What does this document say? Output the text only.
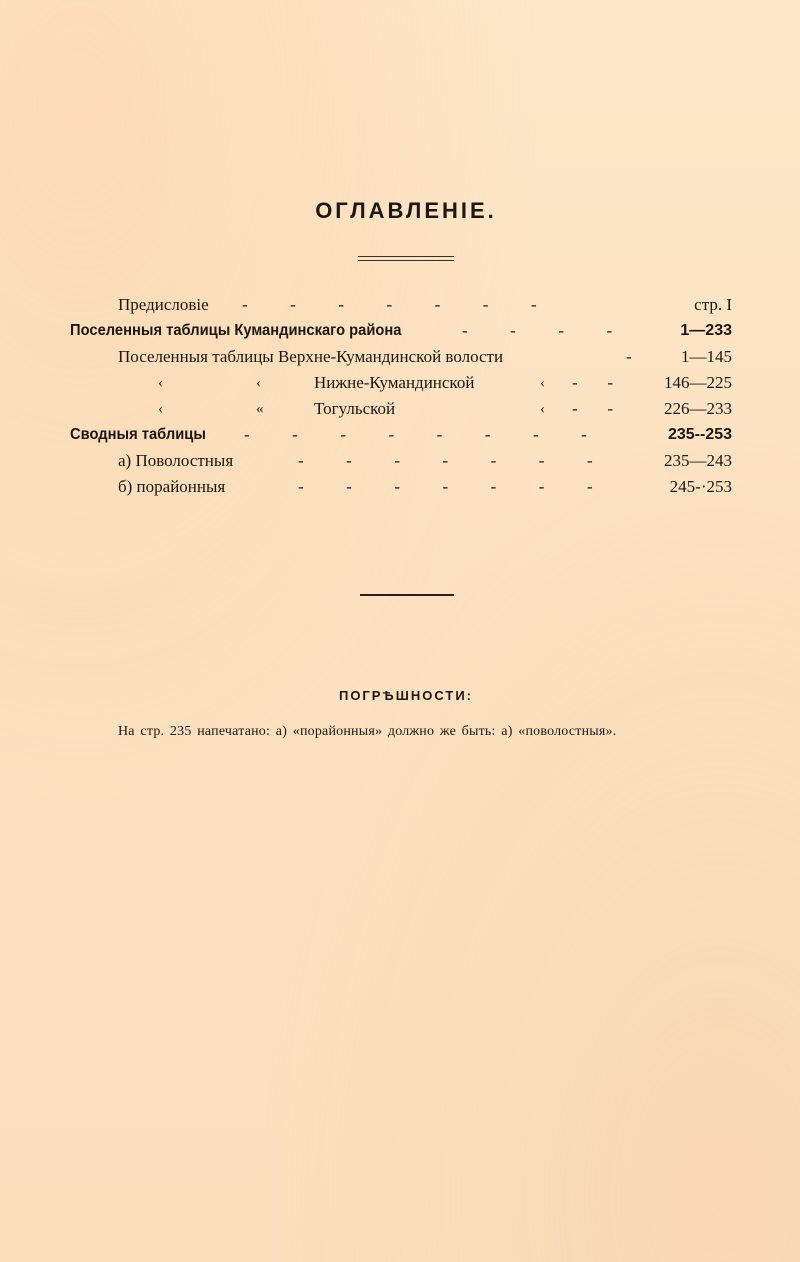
ОГЛАВЛЕНІЕ.
Предисловіе -          -          -          -          -          -          -	стр. I
Поселенныя таблицы Кумандинскаго района	-          -          -          -	1—233
Поселенныя таблицы Верхне-Кумандинской волости	-	1—145
‹	‹	Нижне-Кумандинской	‹ -       -	146—225
‹	«	Тогульской	‹ -       -	226—233
Сводныя таблицы -          -          -          -          -          -          -          -	235--253
а) Поволостныя	-          -          -          -          -          -          -	235—243
б) порайонныя	-          -          -          -          -          -          -	245-·253
ПОГРѢШНОСТИ:
На стр. 235 напечатано: а) «порайонныя» должно же быть: а) «поволостныя».
